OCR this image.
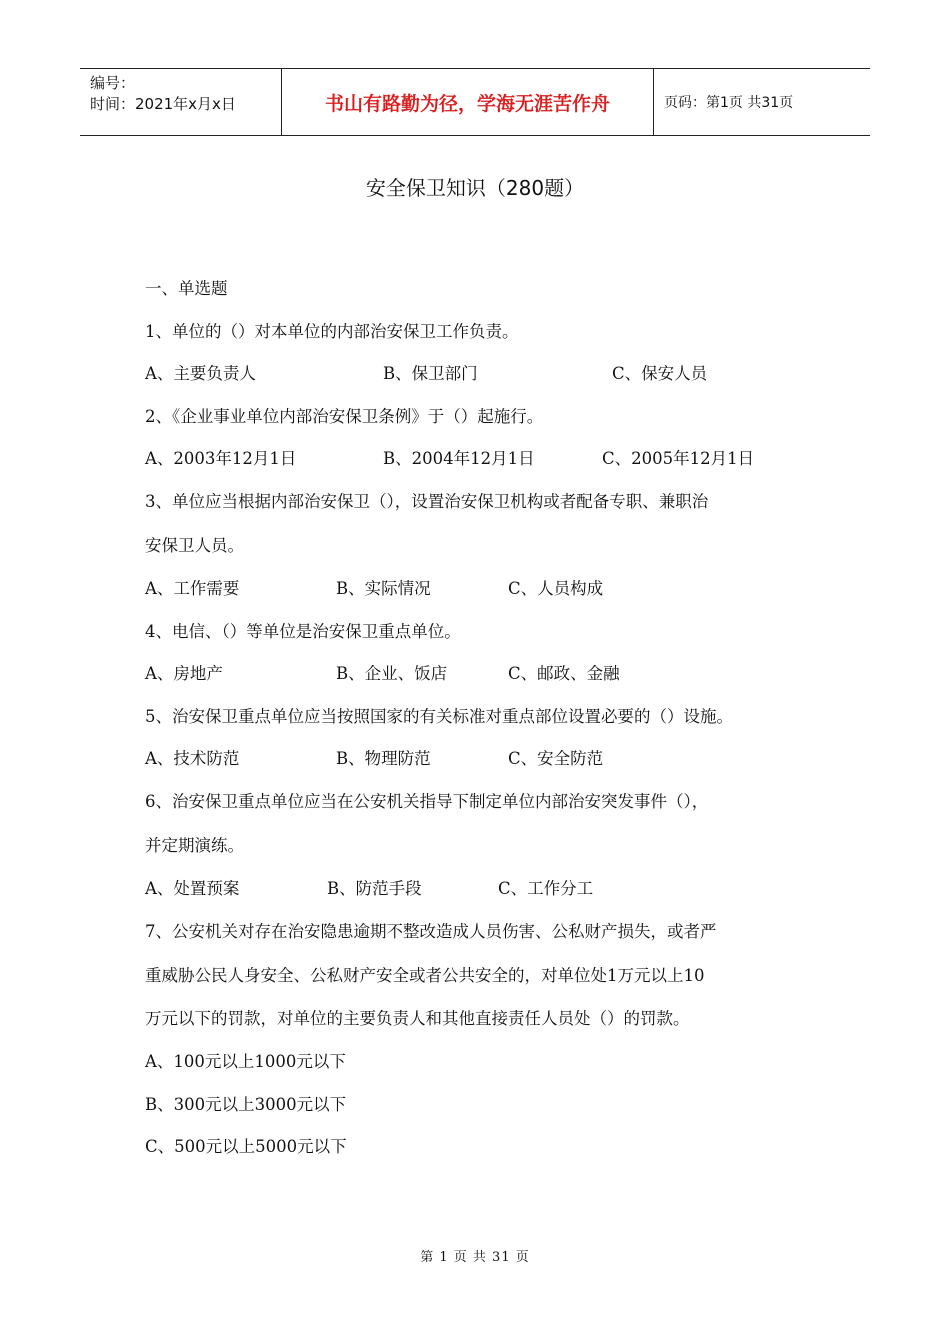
编号：
时间：2021年x月x日	书山有路勤为径，学海无涯苦作舟	页码：第1页 共31页
安全保卫知识（280题）
一、单选题
1、单位的（）对本单位的内部治安保卫工作负责。
A、主要负责人	B、保卫部门	C、保安人员
2、《企业事业单位内部治安保卫条例》于（）起施行。
A、2003年12月1日	B、2004年12月1日	C、2005年12月1日
3、单位应当根据内部治安保卫（），设置治安保卫机构或者配备专职、兼职治
安保卫人员。
A、工作需要	B、实际情况	C、人员构成
4、电信、（）等单位是治安保卫重点单位。
A、房地产	B、企业、饭店	C、邮政、金融
5、治安保卫重点单位应当按照国家的有关标准对重点部位设置必要的（）设施。
A、技术防范	B、物理防范	C、安全防范
6、治安保卫重点单位应当在公安机关指导下制定单位内部治安突发事件（），
并定期演练。
A、处置预案	B、防范手段	C、工作分工
7、公安机关对存在治安隐患逾期不整改造成人员伤害、公私财产损失，或者严
重威胁公民人身安全、公私财产安全或者公共安全的，对单位处1万元以上10
万元以下的罚款，对单位的主要负责人和其他直接责任人员处（）的罚款。
A、100元以上1000元以下
B、300元以上3000元以下
C、500元以上5000元以下
第 1 页 共 31 页
